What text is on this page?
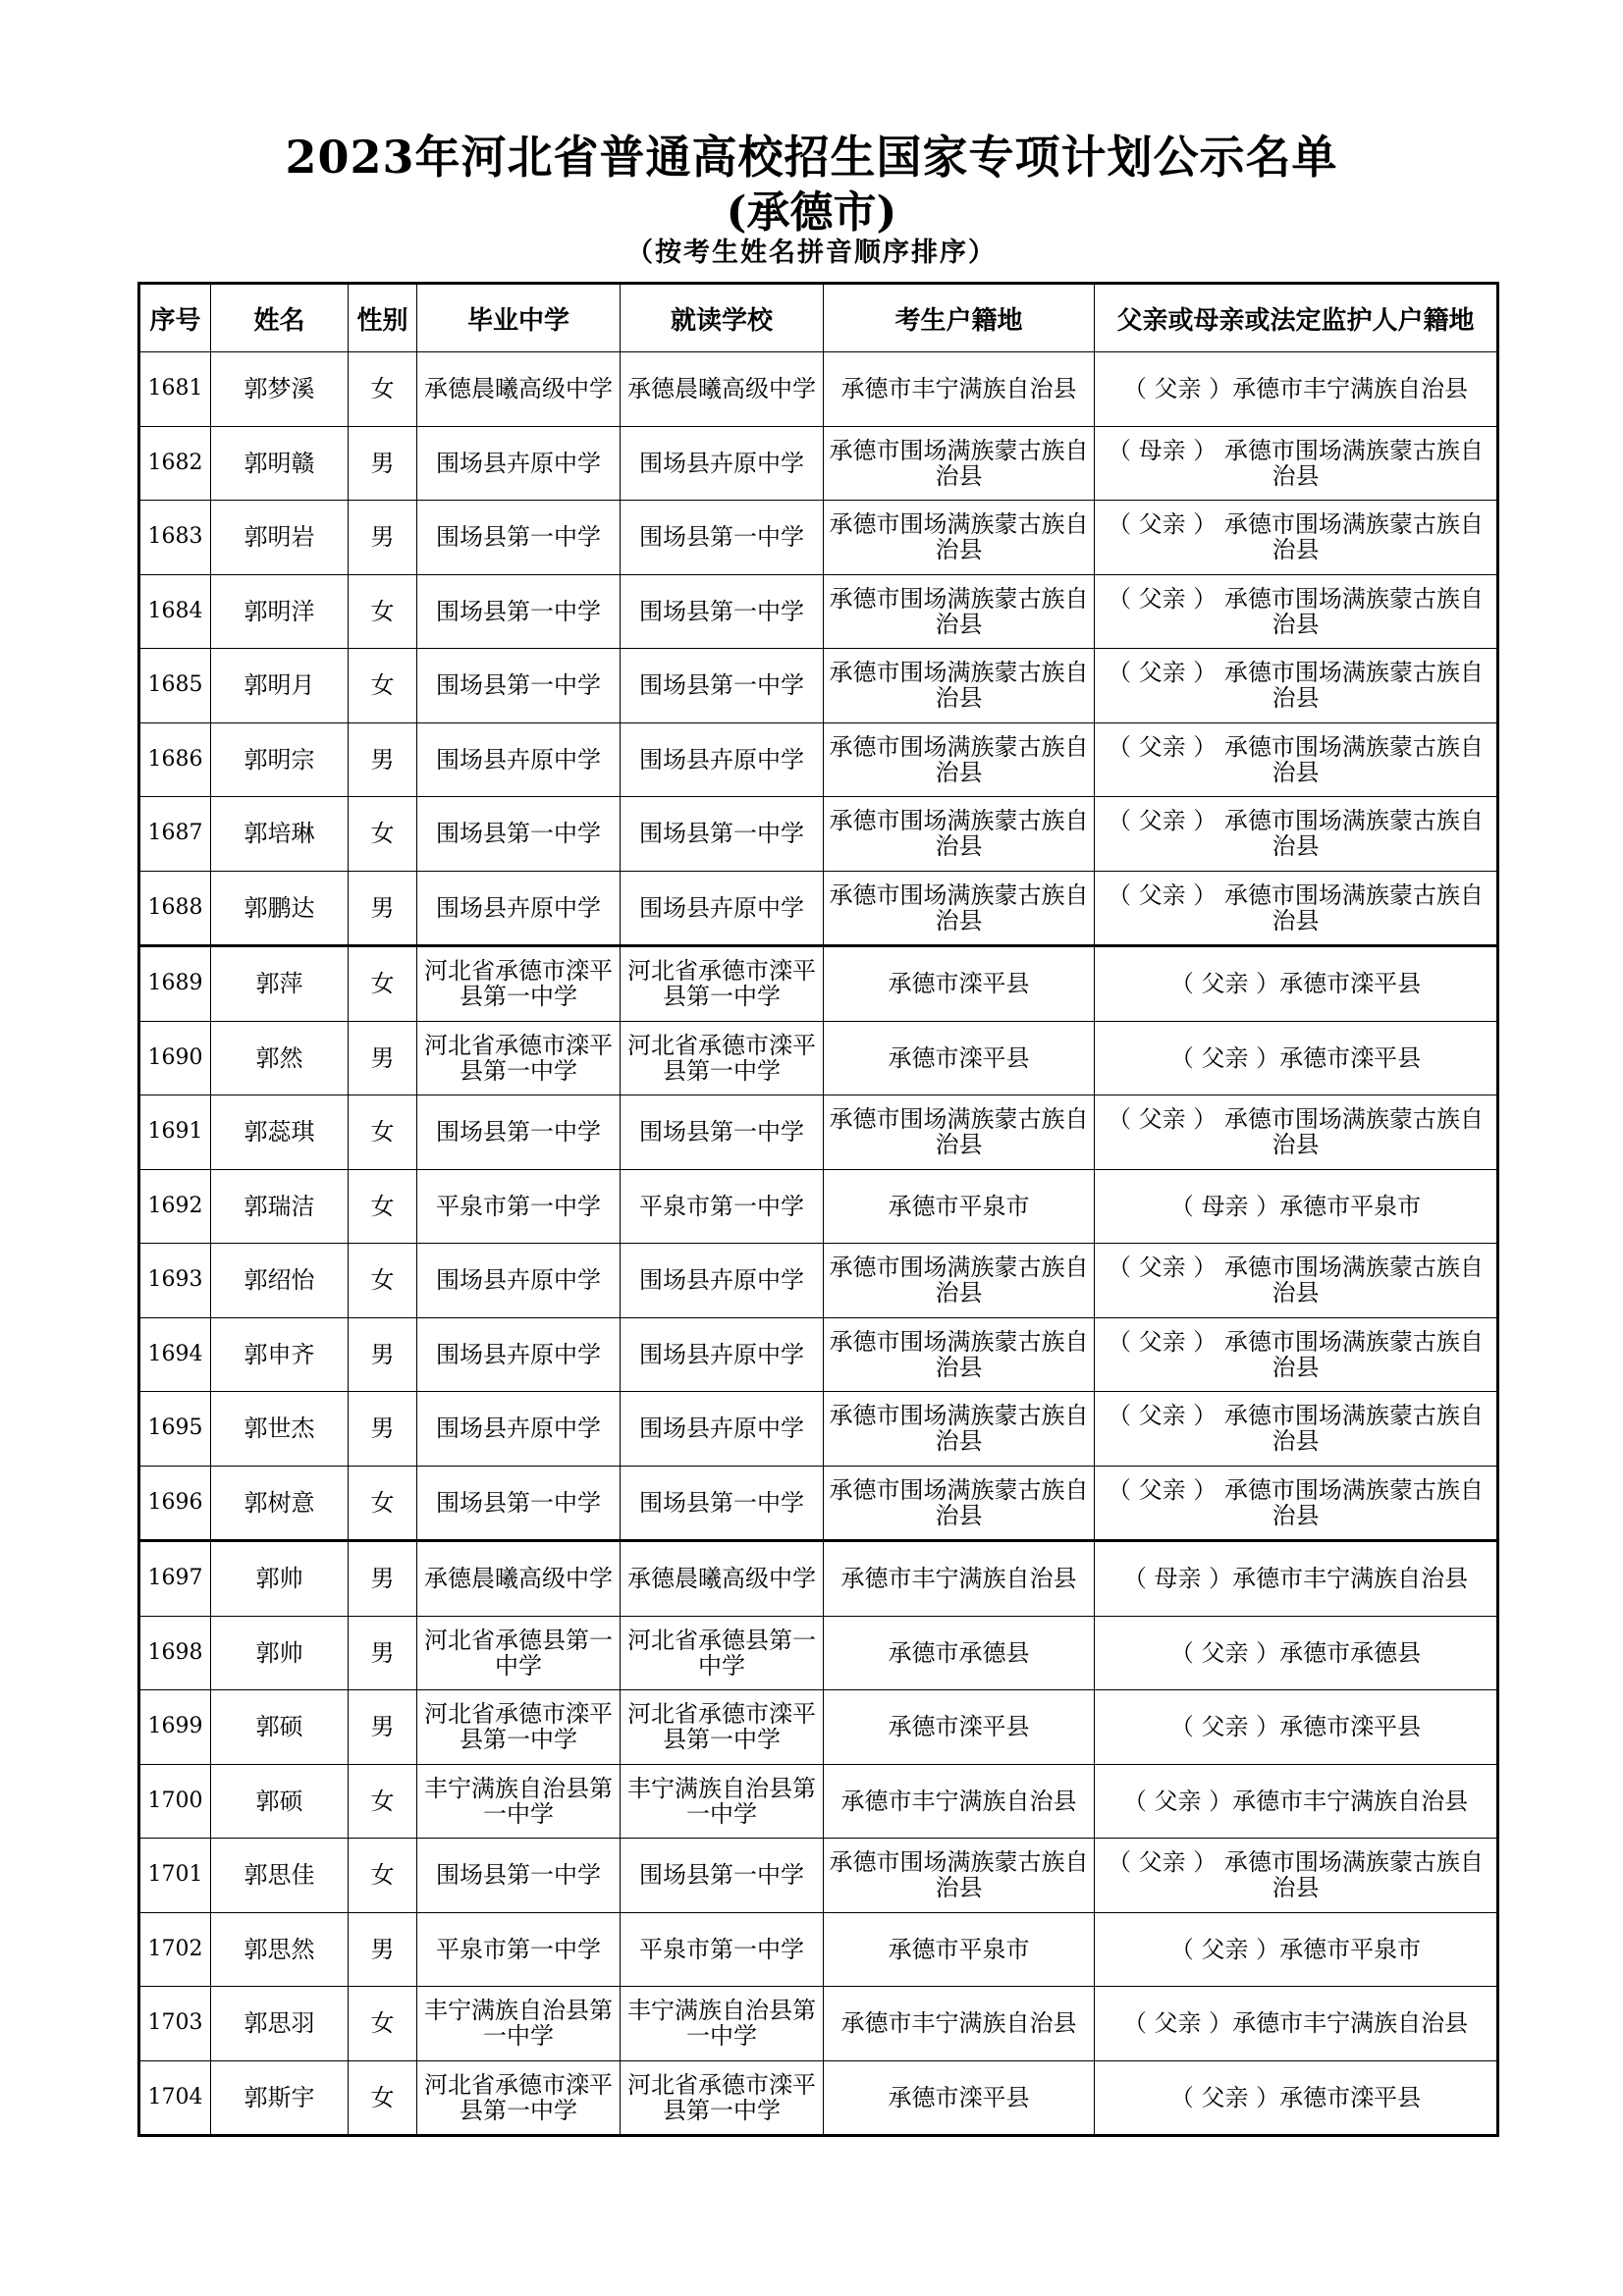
2023年河北省普通高校招生国家专项计划公示名单
(承德市)
（按考生姓名拼音顺序排序）
序号	姓名	性别	毕业中学	就读学校	考生户籍地	父亲或母亲或法定监护人户籍地
1681	郭梦溪	女	承德晨曦高级中学	承德晨曦高级中学	承德市丰宁满族自治县	（ 父亲 ）承德市丰宁满族自治县
1682	郭明赣	男	围场县卉原中学	围场县卉原中学	承德市围场满族蒙古族自治县	（ 母亲 ） 承德市围场满族蒙古族自治县
1683	郭明岩	男	围场县第一中学	围场县第一中学	承德市围场满族蒙古族自治县	（ 父亲 ） 承德市围场满族蒙古族自治县
1684	郭明洋	女	围场县第一中学	围场县第一中学	承德市围场满族蒙古族自治县	（ 父亲 ） 承德市围场满族蒙古族自治县
1685	郭明月	女	围场县第一中学	围场县第一中学	承德市围场满族蒙古族自治县	（ 父亲 ） 承德市围场满族蒙古族自治县
1686	郭明宗	男	围场县卉原中学	围场县卉原中学	承德市围场满族蒙古族自治县	（ 父亲 ） 承德市围场满族蒙古族自治县
1687	郭培琳	女	围场县第一中学	围场县第一中学	承德市围场满族蒙古族自治县	（ 父亲 ） 承德市围场满族蒙古族自治县
1688	郭鹏达	男	围场县卉原中学	围场县卉原中学	承德市围场满族蒙古族自治县	（ 父亲 ） 承德市围场满族蒙古族自治县
1689	郭萍	女	河北省承德市滦平县第一中学	河北省承德市滦平县第一中学	承德市滦平县	（ 父亲 ）承德市滦平县
1690	郭然	男	河北省承德市滦平县第一中学	河北省承德市滦平县第一中学	承德市滦平县	（ 父亲 ）承德市滦平县
1691	郭蕊琪	女	围场县第一中学	围场县第一中学	承德市围场满族蒙古族自治县	（ 父亲 ） 承德市围场满族蒙古族自治县
1692	郭瑞洁	女	平泉市第一中学	平泉市第一中学	承德市平泉市	（ 母亲 ）承德市平泉市
1693	郭绍怡	女	围场县卉原中学	围场县卉原中学	承德市围场满族蒙古族自治县	（ 父亲 ） 承德市围场满族蒙古族自治县
1694	郭申齐	男	围场县卉原中学	围场县卉原中学	承德市围场满族蒙古族自治县	（ 父亲 ） 承德市围场满族蒙古族自治县
1695	郭世杰	男	围场县卉原中学	围场县卉原中学	承德市围场满族蒙古族自治县	（ 父亲 ） 承德市围场满族蒙古族自治县
1696	郭树意	女	围场县第一中学	围场县第一中学	承德市围场满族蒙古族自治县	（ 父亲 ） 承德市围场满族蒙古族自治县
1697	郭帅	男	承德晨曦高级中学	承德晨曦高级中学	承德市丰宁满族自治县	（ 母亲 ）承德市丰宁满族自治县
1698	郭帅	男	河北省承德县第一中学	河北省承德县第一中学	承德市承德县	（ 父亲 ）承德市承德县
1699	郭硕	男	河北省承德市滦平县第一中学	河北省承德市滦平县第一中学	承德市滦平县	（ 父亲 ）承德市滦平县
1700	郭硕	女	丰宁满族自治县第一中学	丰宁满族自治县第一中学	承德市丰宁满族自治县	（ 父亲 ）承德市丰宁满族自治县
1701	郭思佳	女	围场县第一中学	围场县第一中学	承德市围场满族蒙古族自治县	（ 父亲 ） 承德市围场满族蒙古族自治县
1702	郭思然	男	平泉市第一中学	平泉市第一中学	承德市平泉市	（ 父亲 ）承德市平泉市
1703	郭思羽	女	丰宁满族自治县第一中学	丰宁满族自治县第一中学	承德市丰宁满族自治县	（ 父亲 ）承德市丰宁满族自治县
1704	郭斯宇	女	河北省承德市滦平县第一中学	河北省承德市滦平县第一中学	承德市滦平县	（ 父亲 ）承德市滦平县
